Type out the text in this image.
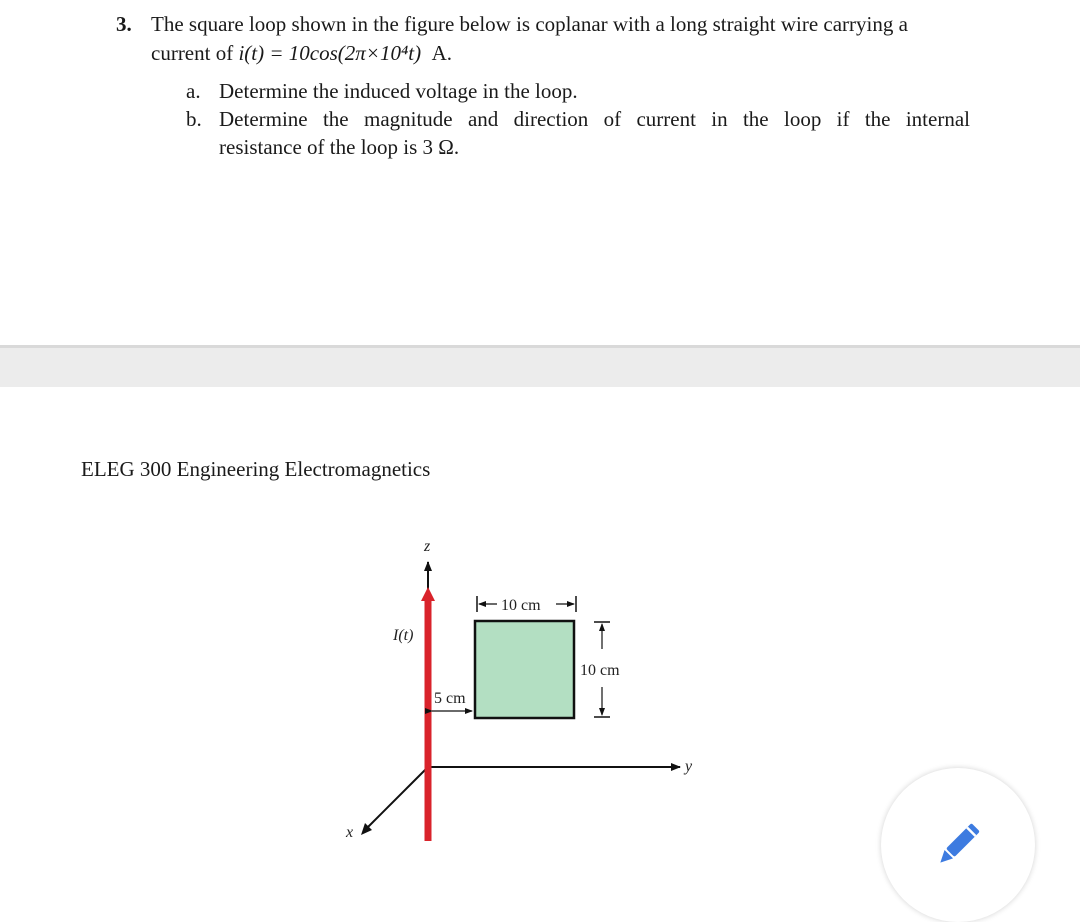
3. The square loop shown in the figure below is coplanar with a long straight wire carrying a
current of i(t) = 10cos(2π×10⁴t) A.
a. Determine the induced voltage in the loop.
b. Determine the magnitude and direction of current in the loop if the internal
resistance of the loop is 3 Ω.
ELEG 300 Engineering Electromagnetics
z
y
x
I(t)
5 cm
10 cm
10 cm
